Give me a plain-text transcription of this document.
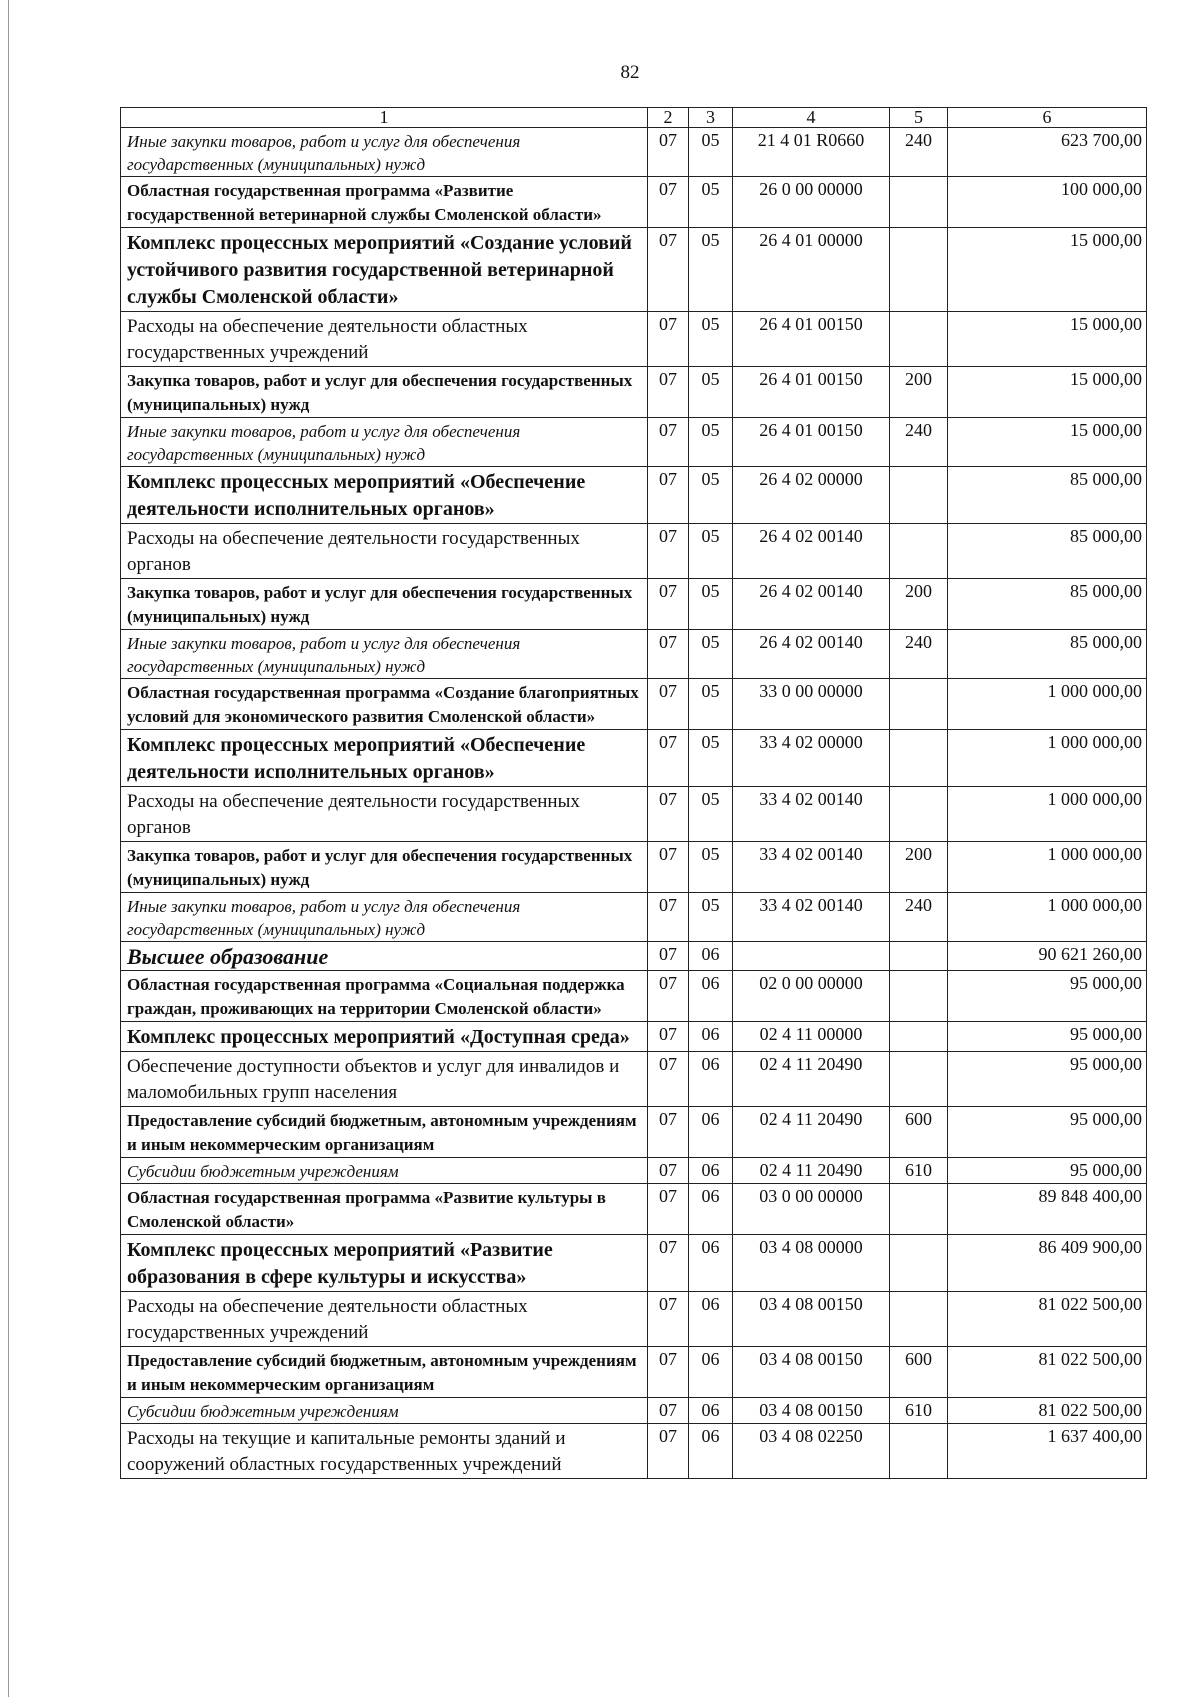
82
1	2	3	4	5	6
Иные закупки товаров, работ и услуг для обеспечения государственных (муниципальных) нужд	07	05	21 4 01 R0660	240	623 700,00
Областная государственная программа «Развитие государственной ветеринарной службы Смоленской области»	07	05	26 0 00 00000		100 000,00
Комплекс процессных мероприятий «Создание условий устойчивого развития государственной ветеринарной службы Смоленской области»	07	05	26 4 01 00000		15 000,00
Расходы на обеспечение деятельности областных государственных учреждений	07	05	26 4 01 00150		15 000,00
Закупка товаров, работ и услуг для обеспечения государственных (муниципальных) нужд	07	05	26 4 01 00150	200	15 000,00
Иные закупки товаров, работ и услуг для обеспечения государственных (муниципальных) нужд	07	05	26 4 01 00150	240	15 000,00
Комплекс процессных мероприятий «Обеспечение деятельности исполнительных органов»	07	05	26 4 02 00000		85 000,00
Расходы на обеспечение деятельности государственных органов	07	05	26 4 02 00140		85 000,00
Закупка товаров, работ и услуг для обеспечения государственных (муниципальных) нужд	07	05	26 4 02 00140	200	85 000,00
Иные закупки товаров, работ и услуг для обеспечения государственных (муниципальных) нужд	07	05	26 4 02 00140	240	85 000,00
Областная государственная программа «Создание благоприятных условий для экономического развития Смоленской области»	07	05	33 0 00 00000		1 000 000,00
Комплекс процессных мероприятий «Обеспечение деятельности исполнительных органов»	07	05	33 4 02 00000		1 000 000,00
Расходы на обеспечение деятельности государственных органов	07	05	33 4 02 00140		1 000 000,00
Закупка товаров, работ и услуг для обеспечения государственных (муниципальных) нужд	07	05	33 4 02 00140	200	1 000 000,00
Иные закупки товаров, работ и услуг для обеспечения государственных (муниципальных) нужд	07	05	33 4 02 00140	240	1 000 000,00
Высшее образование	07	06			90 621 260,00
Областная государственная программа «Социальная поддержка граждан, проживающих на территории Смоленской области»	07	06	02 0 00 00000		95 000,00
Комплекс процессных мероприятий «Доступная среда»	07	06	02 4 11 00000		95 000,00
Обеспечение доступности объектов и услуг для инвалидов и маломобильных групп населения	07	06	02 4 11 20490		95 000,00
Предоставление субсидий бюджетным, автономным учреждениям и иным некоммерческим организациям	07	06	02 4 11 20490	600	95 000,00
Субсидии бюджетным учреждениям	07	06	02 4 11 20490	610	95 000,00
Областная государственная программа «Развитие культуры в Смоленской области»	07	06	03 0 00 00000		89 848 400,00
Комплекс процессных мероприятий «Развитие образования в сфере культуры и искусства»	07	06	03 4 08 00000		86 409 900,00
Расходы на обеспечение деятельности областных государственных учреждений	07	06	03 4 08 00150		81 022 500,00
Предоставление субсидий бюджетным, автономным учреждениям и иным некоммерческим организациям	07	06	03 4 08 00150	600	81 022 500,00
Субсидии бюджетным учреждениям	07	06	03 4 08 00150	610	81 022 500,00
Расходы на текущие и капитальные ремонты зданий и сооружений областных государственных учреждений	07	06	03 4 08 02250		1 637 400,00
